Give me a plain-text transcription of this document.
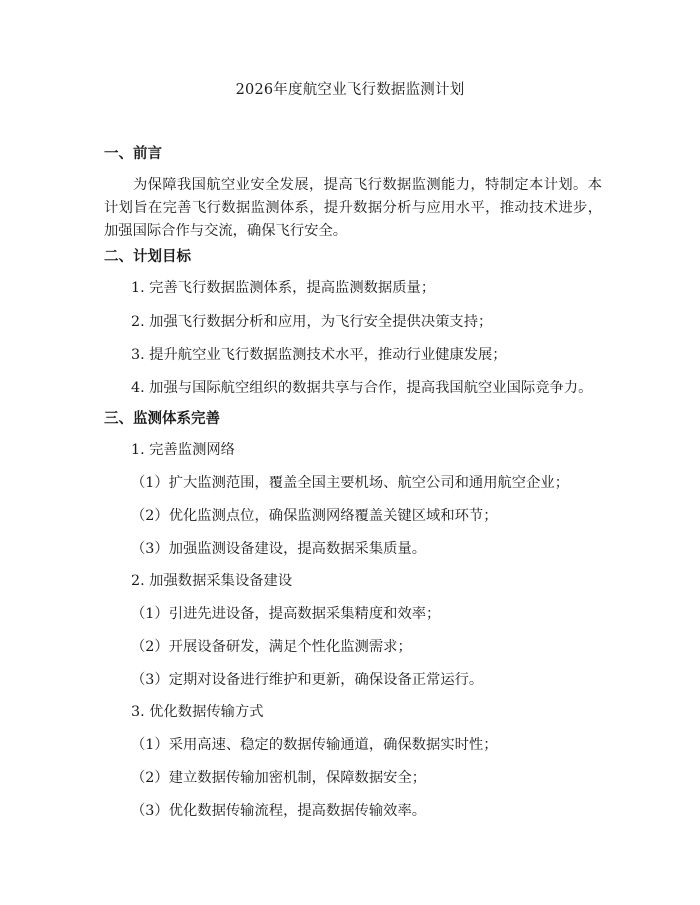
2026年度航空业飞行数据监测计划
一、前言
为保障我国航空业安全发展，提高飞行数据监测能力，特制定本计划。本计划旨在完善飞行数据监测体系，提升数据分析与应用水平，推动技术进步，加强国际合作与交流，确保飞行安全。
二、计划目标
1. 完善飞行数据监测体系，提高监测数据质量；
2. 加强飞行数据分析和应用，为飞行安全提供决策支持；
3. 提升航空业飞行数据监测技术水平，推动行业健康发展；
4. 加强与国际航空组织的数据共享与合作，提高我国航空业国际竞争力。
三、监测体系完善
1. 完善监测网络
（1）扩大监测范围，覆盖全国主要机场、航空公司和通用航空企业；
（2）优化监测点位，确保监测网络覆盖关键区域和环节；
（3）加强监测设备建设，提高数据采集质量。
2. 加强数据采集设备建设
（1）引进先进设备，提高数据采集精度和效率；
（2）开展设备研发，满足个性化监测需求；
（3）定期对设备进行维护和更新，确保设备正常运行。
3. 优化数据传输方式
（1）采用高速、稳定的数据传输通道，确保数据实时性；
（2）建立数据传输加密机制，保障数据安全；
（3）优化数据传输流程，提高数据传输效率。
